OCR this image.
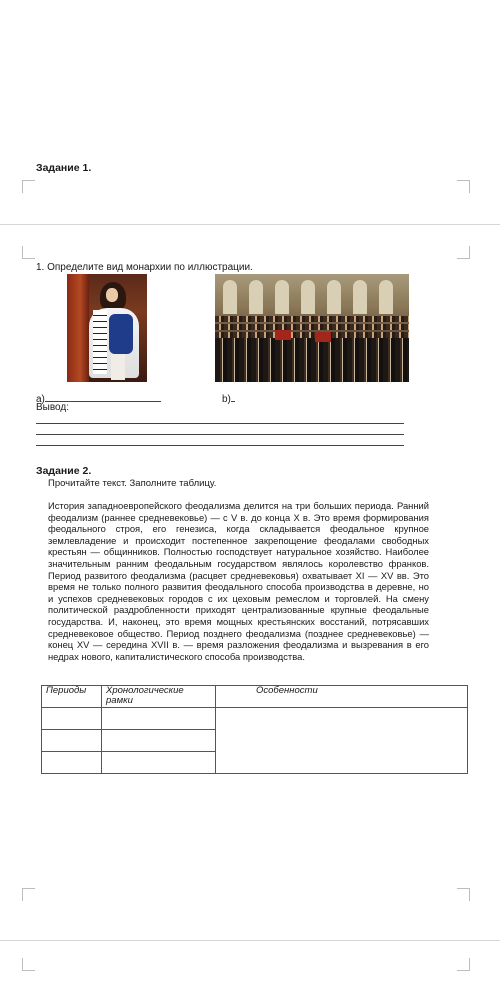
Задание 1.
1. Определите вид монархии по иллюстрации.
а)	b)
Вывод:
Задание 2.
Прочитайте текст. Заполните таблицу.

История западноевропейского феодализма делится на три больших периода. Ранний феодализм (раннее средневековье) — с V в. до конца X в. Это время формирования феодального строя, его генезиса, когда складывается феодальное крупное землевладение и происходит постепенное закрепощение феодалами свободных крестьян — общинников. Полностью господствует натуральное хозяйство. Наиболее значительным ранним феодальным государством являлось королевство франков. Период развитого феодализма (расцвет средневековья) охватывает XI — XV вв. Это время не только полного развития феодального способа производства в деревне, но и успехов средневековых городов с их цеховым ремеслом и торговлей. На смену политической раздробленности приходят централизованные крупные феодальные государства. И, наконец, это время мощных крестьянских восстаний, потрясавших средневековое общество. Период позднего феодализма (позднее средневековье) — конец XV — середина XVII в. — время разложения феодализма и вызревания в его недрах нового, капиталистического способа производства.

Периоды	Хронологические рамки	Особенности
